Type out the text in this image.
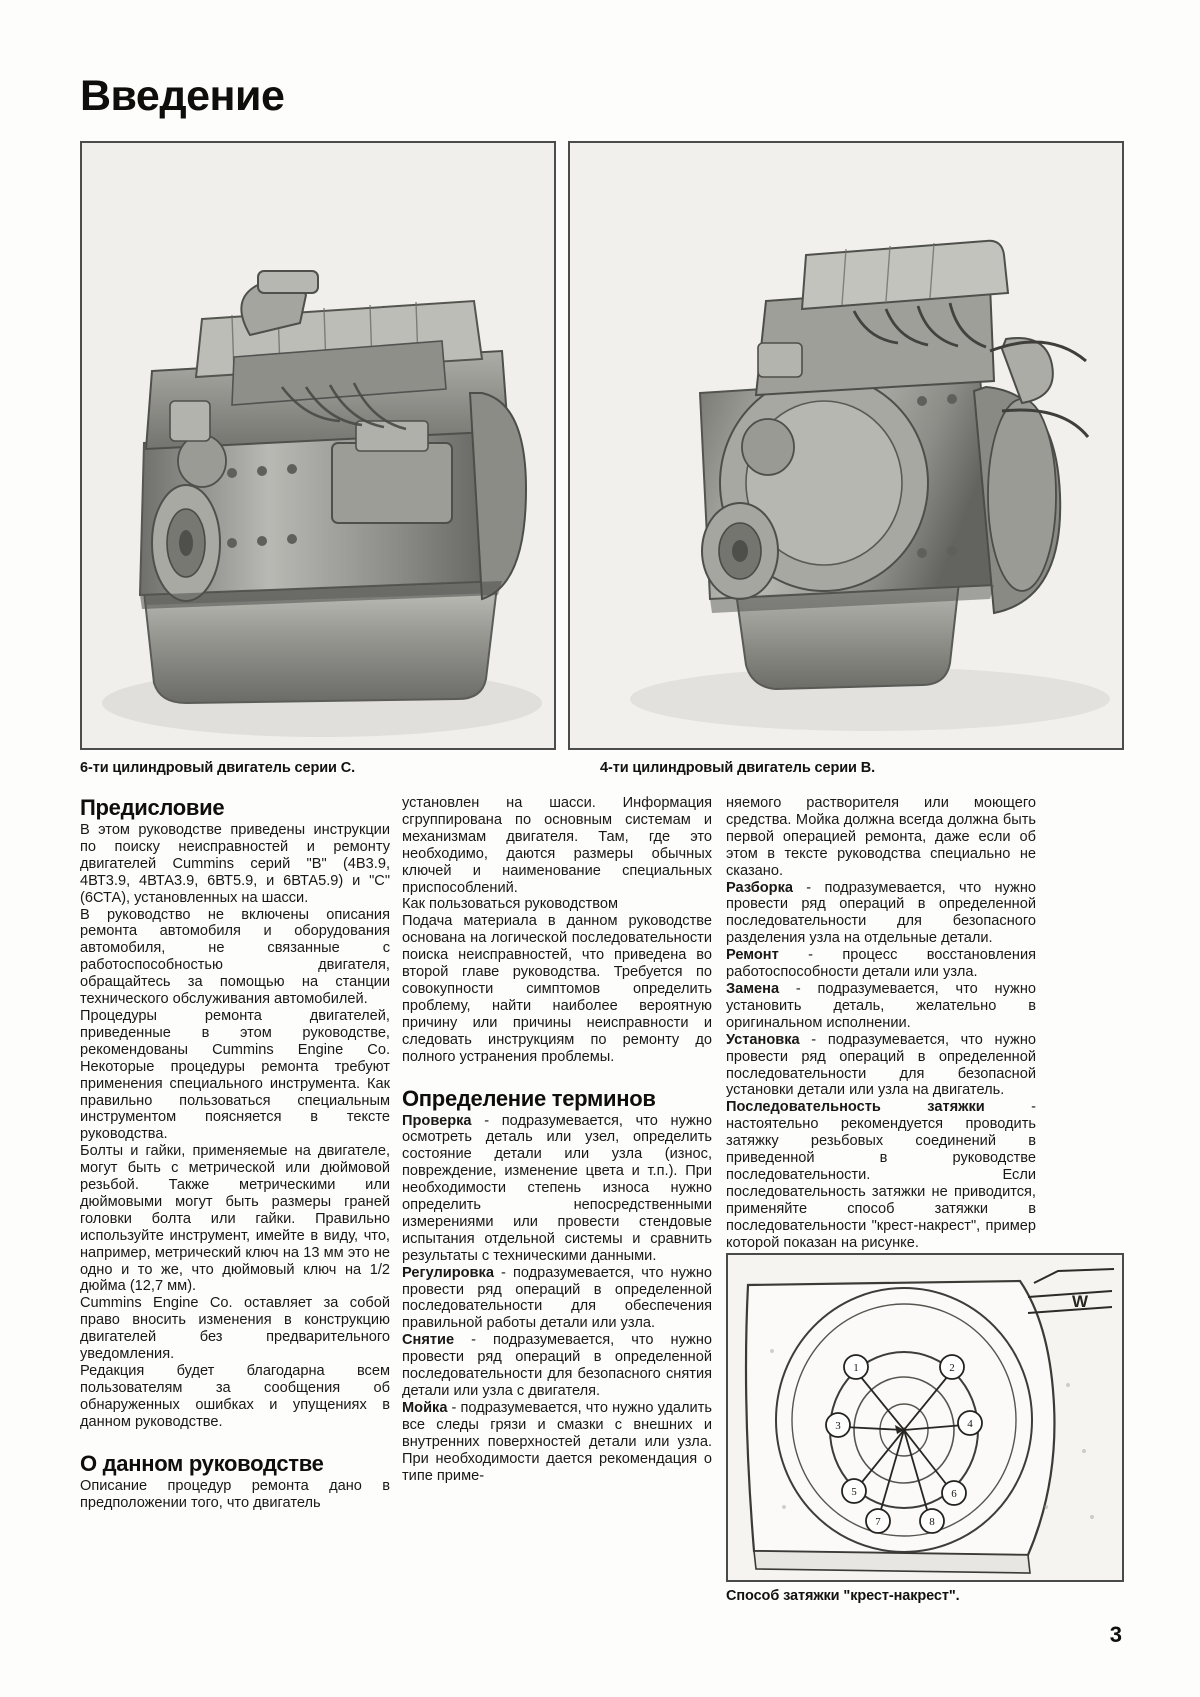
Введение
6-ти цилиндровый двигатель серии С.	4-ти цилиндровый двигатель серии В.
Предисловие

В этом руководстве приведены инструкции по поиску неисправностей и ремонту двигателей Cummins серий "В" (4В3.9, 4ВТ3.9, 4ВТА3.9, 6ВТ5.9, и 6ВТА5.9) и "С" (6СТА), установленных на шасси.

В руководство не включены описания ремонта автомобиля и оборудования автомобиля, не связанные с работоспособностью двигателя, обращайтесь за помощью на станции технического обслуживания автомобилей.

Процедуры ремонта двигателей, приведенные в этом руководстве, рекомендованы Cummins Engine Co. Некоторые процедуры ремонта требуют применения специального инструмента. Как правильно пользоваться специальным инструментом поясняется в тексте руководства.

Болты и гайки, применяемые на двигателе, могут быть с метрической или дюймовой резьбой. Также метрическими или дюймовыми могут быть размеры граней головки болта или гайки. Правильно используйте инструмент, имейте в виду, что, например, метрический ключ на 13 мм это не одно и то же, что дюймовый ключ на 1/2 дюйма (12,7 мм).

Cummins Engine Co. оставляет за собой право вносить изменения в конструкцию двигателей без предварительного уведомления.

Редакция будет благодарна всем пользователям за сообщения об обнаруженных ошибках и упущениях в данном руководстве.

О данном руководстве

Описание процедур ремонта дано в предположении того, что двигатель

установлен на шасси. Информация сгруппирована по основным системам и механизмам двигателя. Там, где это необходимо, даются размеры обычных ключей и наименование специальных приспособлений.

Как пользоваться руководством

Подача материала в данном руководстве основана на логической последовательности поиска неисправностей, что приведена во второй главе руководства. Требуется по совокупности симптомов определить проблему, найти наиболее вероятную причину или причины неисправности и следовать инструкциям по ремонту до полного устранения проблемы.

Определение терминов

Проверка - подразумевается, что нужно осмотреть деталь или узел, определить состояние детали или узла (износ, повреждение, изменение цвета и т.п.). При необходимости степень износа нужно определить непосредственными измерениями или провести стендовые испытания отдельной системы и сравнить результаты с техническими данными.

Регулировка - подразумевается, что нужно провести ряд операций в определенной последовательности для обеспечения правильной работы детали или узла.

Снятие - подразумевается, что нужно провести ряд операций в определенной последовательности для безопасного снятия детали или узла с двигателя.

Мойка - подразумевается, что нужно удалить все следы грязи и смазки с внешних и внутренних поверхностей детали или узла. При необходимости дается рекомендация о типе приме-

няемого растворителя или моющего средства. Мойка должна всегда должна быть первой операцией ремонта, даже если об этом в тексте руководства специально не сказано.

Разборка - подразумевается, что нужно провести ряд операций в определенной последовательности для безопасного разделения узла на отдельные детали.

Ремонт - процесс восстановления работоспособности детали или узла.

Замена - подразумевается, что нужно установить деталь, желательно в оригинальном исполнении.

Установка - подразумевается, что нужно провести ряд операций в определенной последовательности для безопасной установки детали или узла на двигатель.

Последовательность затяжки - настоятельно рекомендуется проводить затяжку резьбовых соединений в приведенной в руководстве последовательности. Если последовательность затяжки не приводится, применяйте способ затяжки в последовательности "крест-накрест", пример которой показан на рисунке.

1	2
3	4
5	6
7	8
W
Способ затяжки "крест-накрест".
3
